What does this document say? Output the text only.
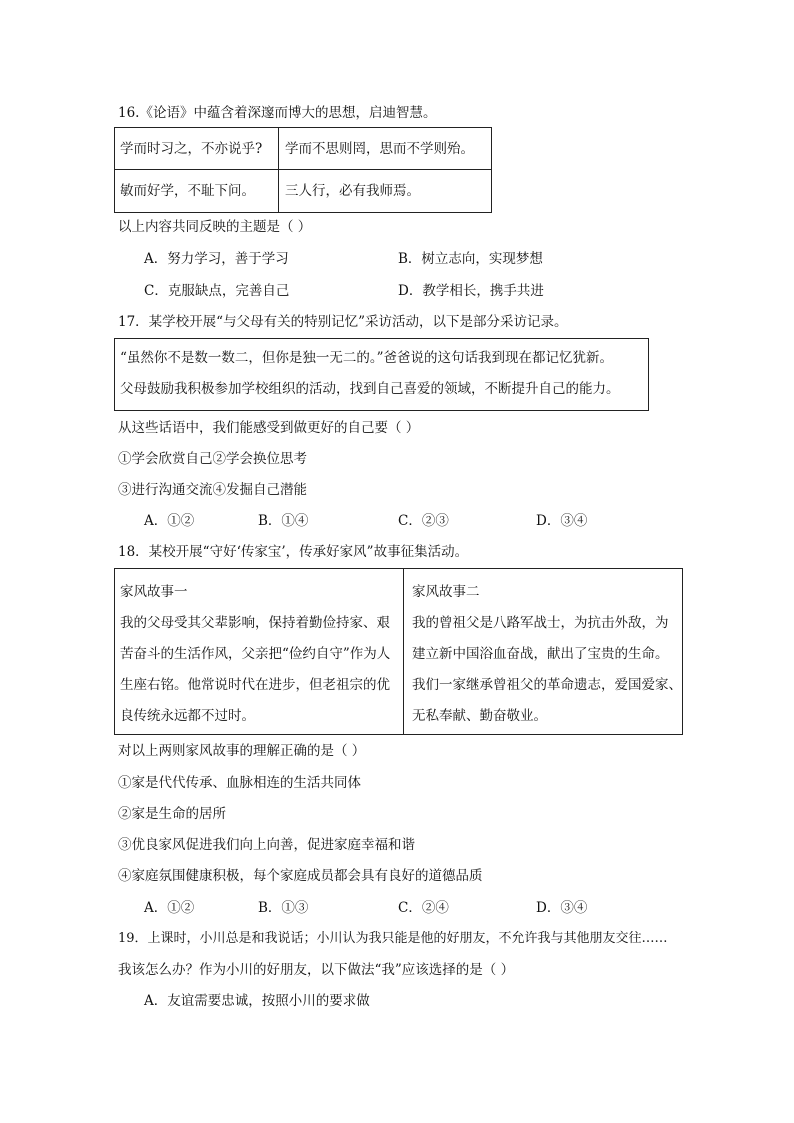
16.《论语》中蕴含着深邃而博大的思想，启迪智慧。
学而时习之，不亦说乎? 学而不思则罔，思而不学则殆。
敏而好学，不耻下问。 三人行，必有我师焉。
以上内容共同反映的主题是（ ）
A．努力学习，善于学习	B．树立志向，实现梦想
C．克服缺点，完善自己	D．教学相长，携手共进
17．某学校开展“与父母有关的特别记忆”采访活动，以下是部分采访记录。
“虽然你不是数一数二，但你是独一无二的。”爸爸说的这句话我到现在都记忆犹新。
父母鼓励我积极参加学校组织的活动，找到自己喜爱的领域，不断提升自己的能力。
从这些话语中，我们能感受到做更好的自己要（ ）
①学会欣赏自己②学会换位思考
③进行沟通交流④发掘自己潜能
A．①②	B．①④	C．②③	D．③④
18．某校开展“守好‘传家宝’，传承好家风”故事征集活动。
家风故事一
我的父母受其父辈影响，保持着勤俭持家、艰
苦奋斗的生活作风，父亲把“俭约自守”作为人
生座右铭。他常说时代在进步，但老祖宗的优
良传统永远都不过时。
家风故事二
我的曾祖父是八路军战士，为抗击外敌，为
建立新中国浴血奋战，献出了宝贵的生命。
我们一家继承曾祖父的革命遗志，爱国爱家、
无私奉献、勤奋敬业。
对以上两则家风故事的理解正确的是（ ）
①家是代代传承、血脉相连的生活共同体
②家是生命的居所
③优良家风促进我们向上向善，促进家庭幸福和谐
④家庭氛围健康积极，每个家庭成员都会具有良好的道德品质
A．①②	B．①③	C．②④	D．③④
19．上课时，小川总是和我说话；小川认为我只能是他的好朋友，不允许我与其他朋友交往……
我该怎么办？作为小川的好朋友，以下做法“我”应该选择的是（ ）
A．友谊需要忠诚，按照小川的要求做
